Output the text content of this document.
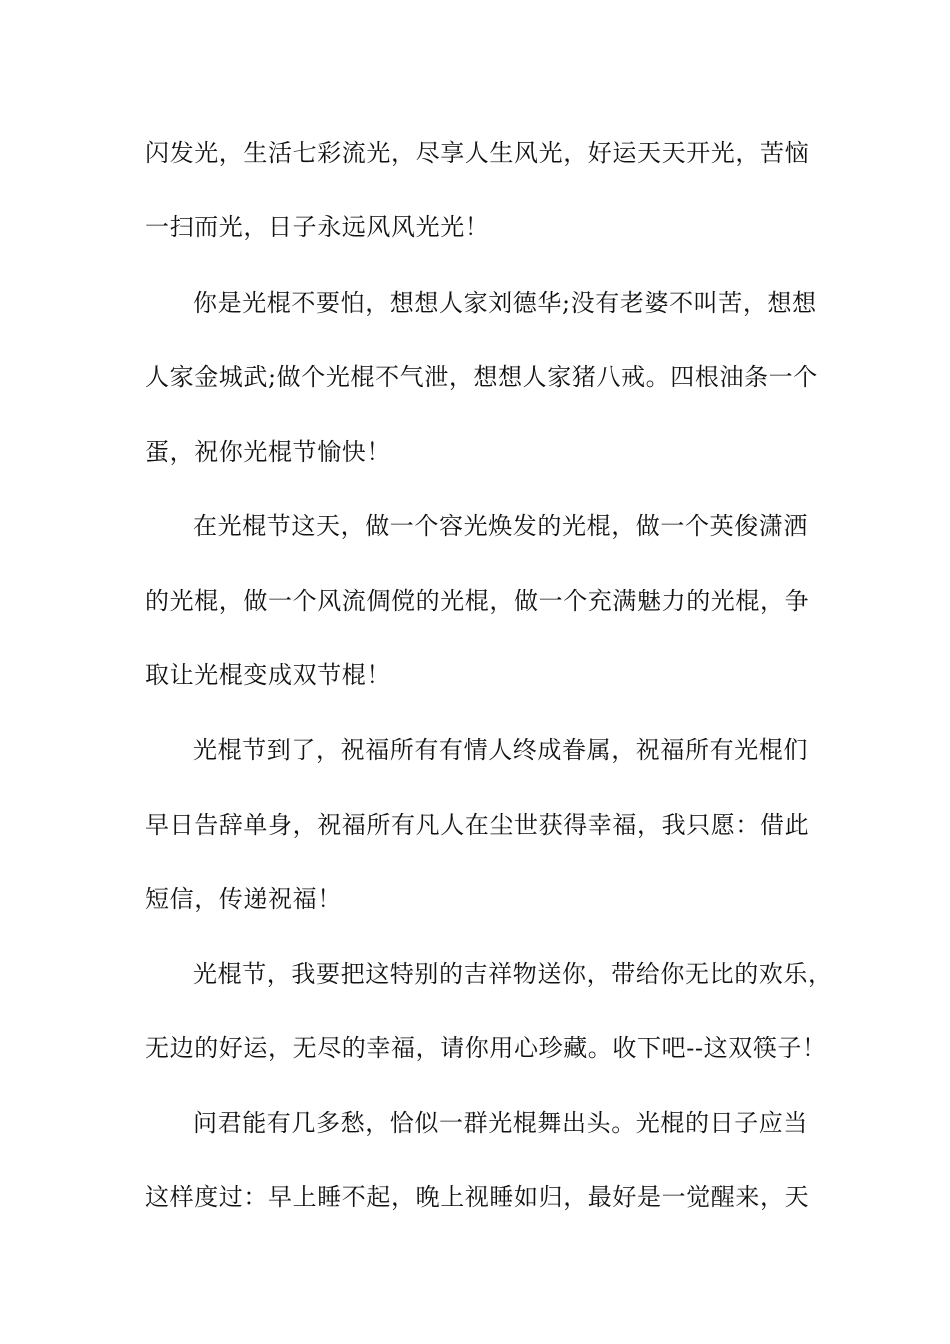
闪发光，生活七彩流光，尽享人生风光，好运天天开光，苦恼
一扫而光，日子永远风风光光！
你是光棍不要怕，想想人家刘德华;没有老婆不叫苦，想想
人家金城武;做个光棍不气泄，想想人家猪八戒。四根油条一个
蛋，祝你光棍节愉快！
在光棍节这天，做一个容光焕发的光棍，做一个英俊潇洒
的光棍，做一个风流倜傥的光棍，做一个充满魅力的光棍，争
取让光棍变成双节棍！
光棍节到了，祝福所有有情人终成眷属，祝福所有光棍们
早日告辞单身，祝福所有凡人在尘世获得幸福，我只愿：借此
短信，传递祝福！
光棍节，我要把这特别的吉祥物送你，带给你无比的欢乐，
无边的好运，无尽的幸福，请你用心珍藏。收下吧--这双筷子！
问君能有几多愁，恰似一群光棍舞出头。光棍的日子应当
这样度过：早上睡不起，晚上视睡如归，最好是一觉醒来，天
